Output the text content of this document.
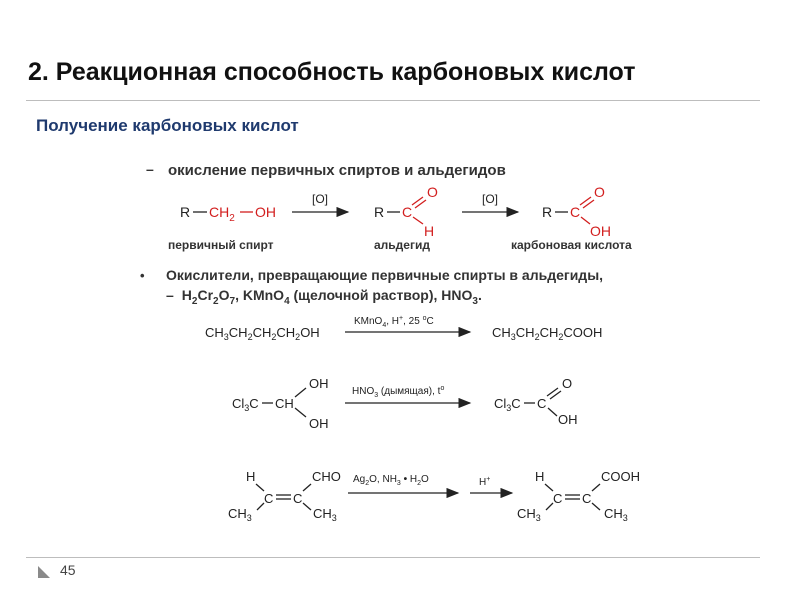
2. Реакционная способность карбоновых кислот
Получение карбоновых кислот
– окисление первичных спиртов и альдегидов
R $CH_2$ OH
[O]
R C
O
H
[O]
R C
O
OH
первичный спирт	альдегид	карбоновая кислота
• Окислители, превращающие первичные спирты в альдегиды,
– $H_2Cr_2O_7$, KMnO$_4$ (щелочной раствор), $HNO_3$.
$CH_3CH_2CH_2CH_2OH$
KMnO$_4$, H+, 25 $^o$C
$CH_3CH_2CH_2COOH$
$Cl_3C$ CH
OH
OH
$HNO_3$ (дымящая), $t^o$
$Cl_3C$ C
O
OH
H
C C
CHO
$CH_3$	$CH_3$
$Ag_2O$, $NH_3$ • $H_2O$	H+	H
C C
COOH
$CH_3$	$CH_3$
45
